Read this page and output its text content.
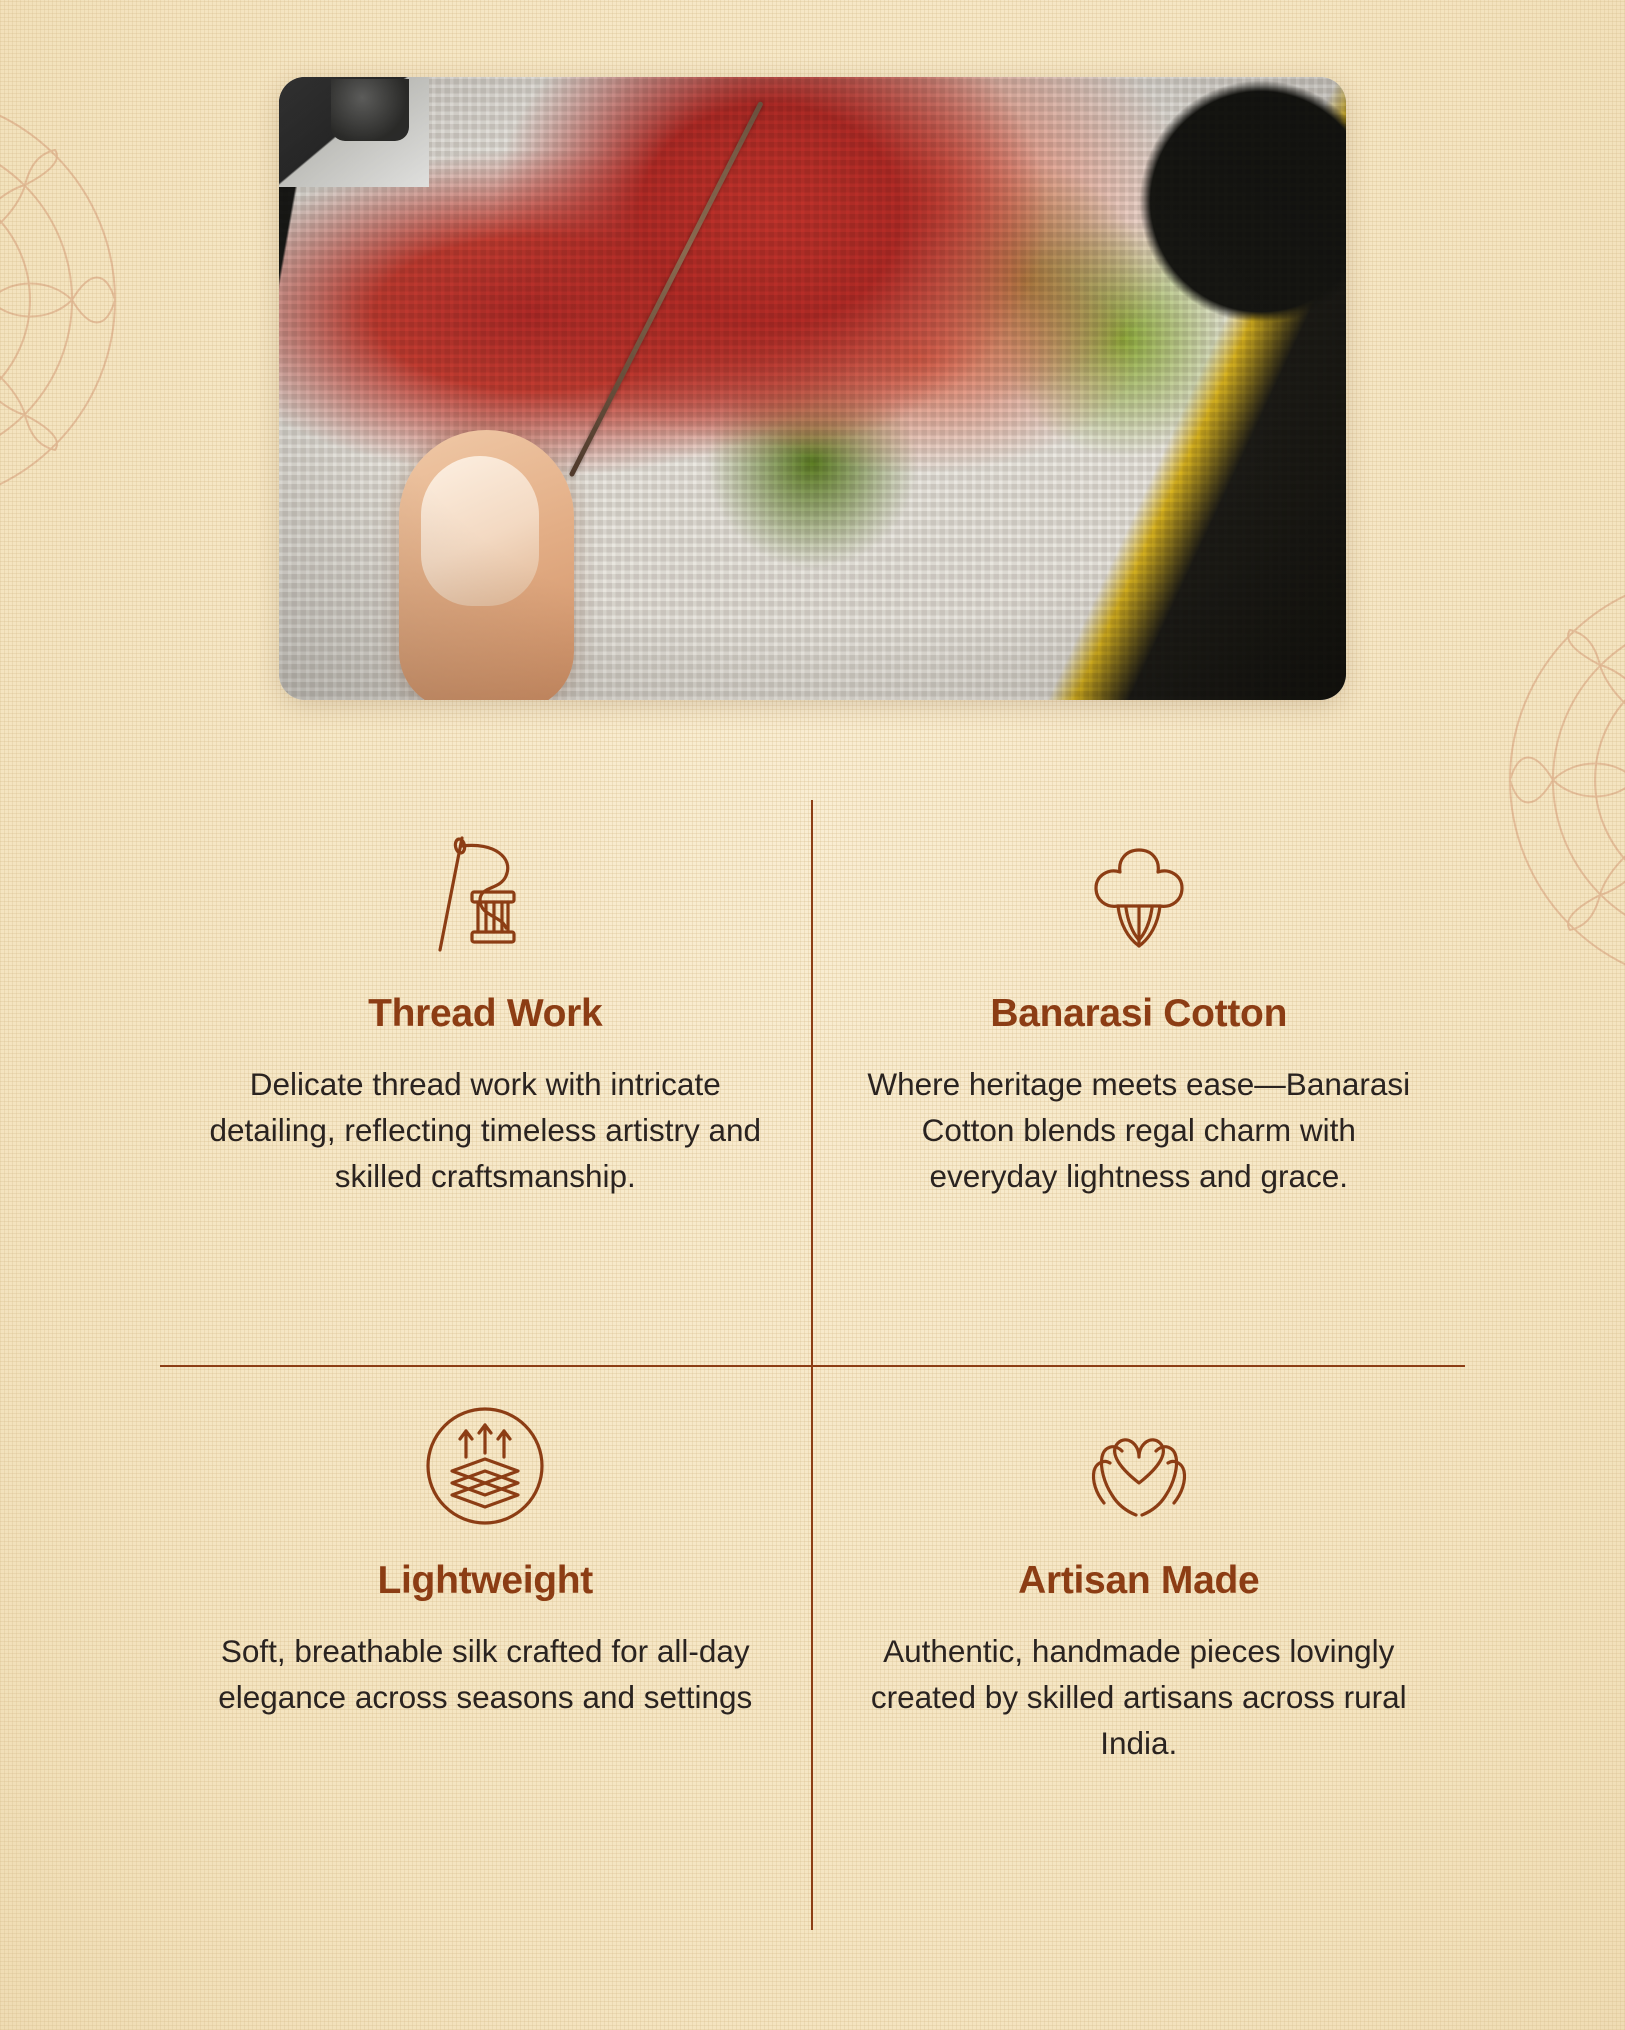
Thread Work

Delicate thread work with intricate detailing, reflecting timeless artistry and skilled craftsmanship.

Banarasi Cotton

Where heritage meets ease—Banarasi Cotton blends regal charm with everyday lightness and grace.

Lightweight

Soft, breathable silk crafted for all-day elegance across seasons and settings

Artisan Made

Authentic, handmade pieces lovingly created by skilled artisans across rural India.
